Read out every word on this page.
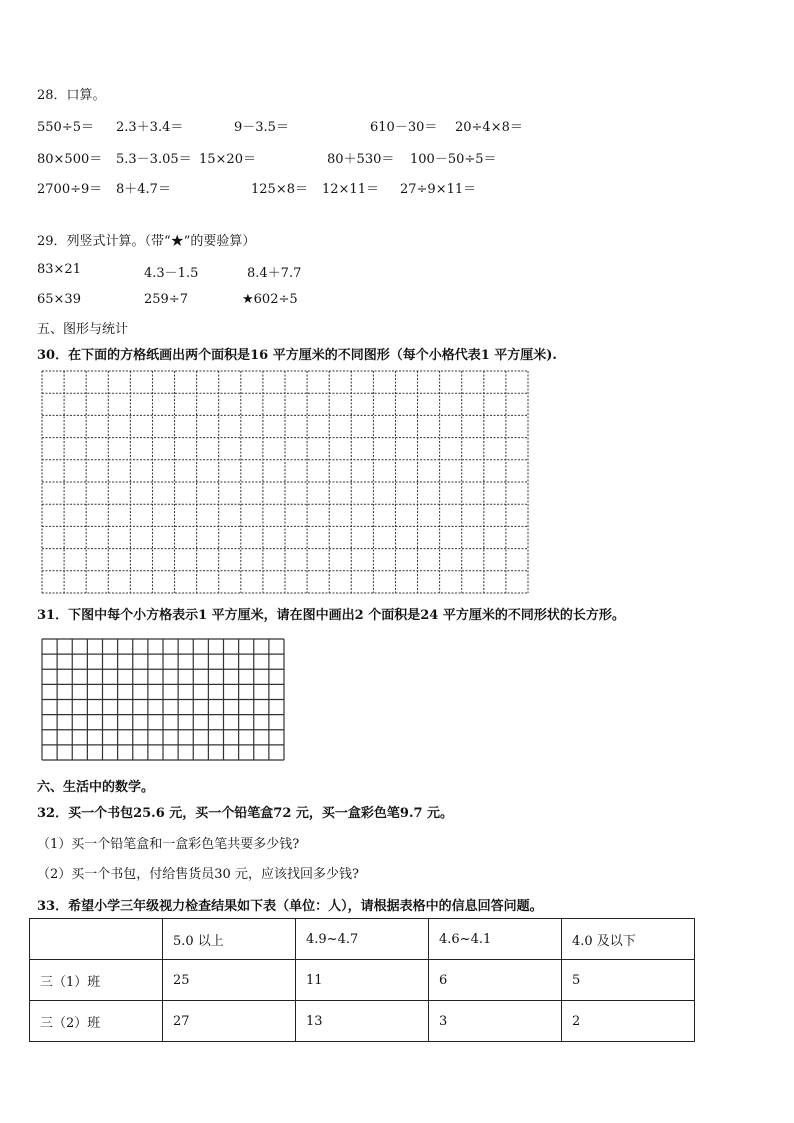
28．口算。
550÷5＝ 2.3＋3.4＝	9－3.5＝	610－30＝ 20÷4×8＝
80×500＝ 5.3－3.05＝ 15×20＝	80＋530＝ 100－50÷5＝
2700÷9＝ 8＋4.7＝	125×8＝ 12×11＝ 27÷9×11＝
29．列竖式计算。（带“★”的要验算）
83×21	4.3－1.5	8.4＋7.7
65×39	259÷7	★602÷5
五、图形与统计
30．在下面的方格纸画出两个面积是16 平方厘米的不同图形（每个小格代表1 平方厘米).
31．下图中每个小方格表示1 平方厘米，请在图中画出2 个面积是24 平方厘米的不同形状的长方形。
六、生活中的数学。
32．买一个书包25.6 元，买一个铅笔盒72 元，买一盒彩色笔9.7 元。
（1）买一个铅笔盒和一盒彩色笔共要多少钱?
（2）买一个书包，付给售货员30 元，应该找回多少钱?
33．希望小学三年级视力检查结果如下表（单位：人），请根据表格中的信息回答问题。
	5.0 以上	4.9~4.7	4.6~4.1	4.0 及以下
三（1）班	25	11	6	5
三（2）班	27	13	3	2
